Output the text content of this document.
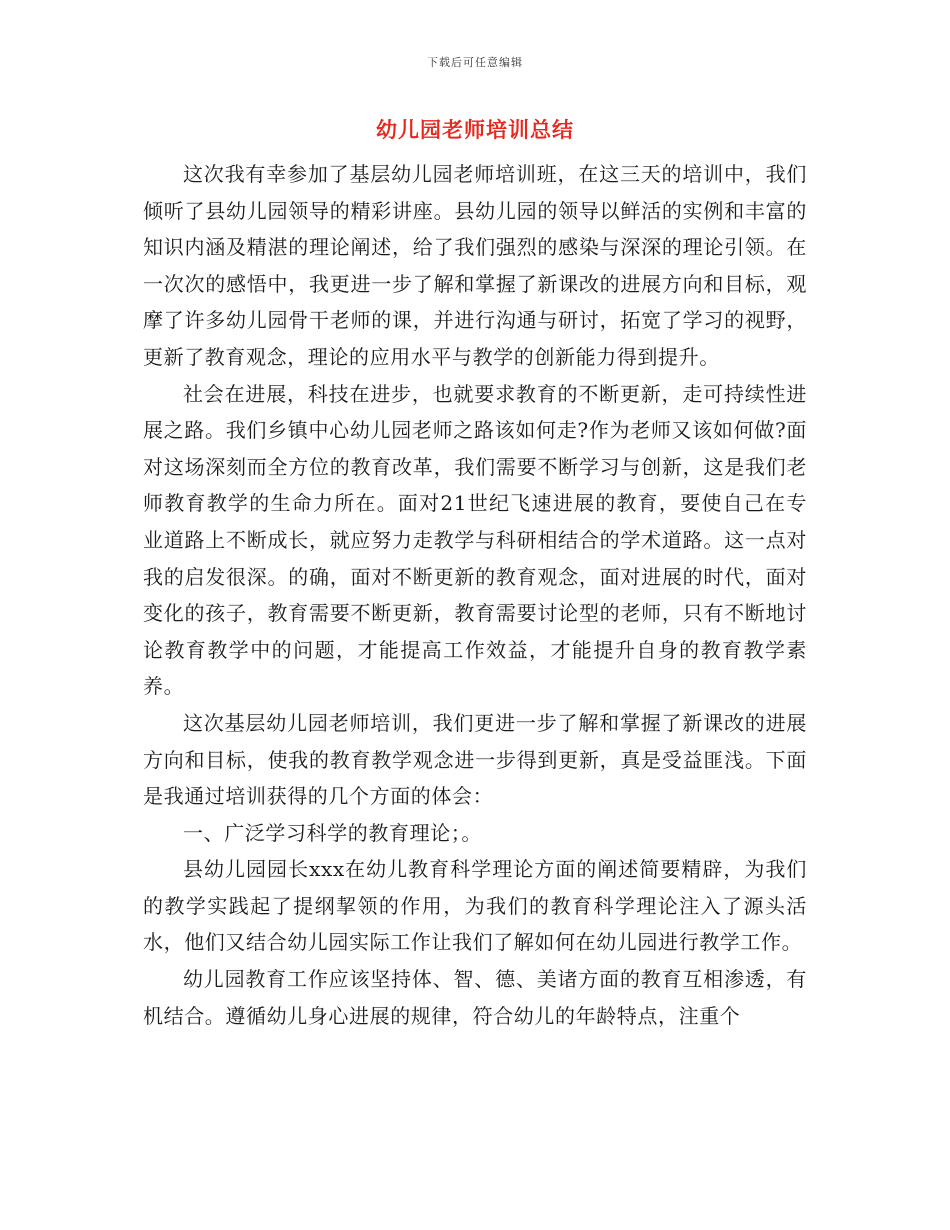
下载后可任意编辑
幼儿园老师培训总结

这次我有幸参加了基层幼儿园老师培训班，在这三天的培训中，我们倾听了县幼儿园领导的精彩讲座。县幼儿园的领导以鲜活的实例和丰富的知识内涵及精湛的理论阐述，给了我们强烈的感染与深深的理论引领。在一次次的感悟中，我更进一步了解和掌握了新课改的进展方向和目标，观摩了许多幼儿园骨干老师的课，并进行沟通与研讨，拓宽了学习的视野，更新了教育观念，理论的应用水平与教学的创新能力得到提升。

社会在进展，科技在进步，也就要求教育的不断更新，走可持续性进展之路。我们乡镇中心幼儿园老师之路该如何走?作为老师又该如何做?面对这场深刻而全方位的教育改革，我们需要不断学习与创新，这是我们老师教育教学的生命力所在。面对21世纪飞速进展的教育，要使自己在专业道路上不断成长，就应努力走教学与科研相结合的学术道路。这一点对我的启发很深。的确，面对不断更新的教育观念，面对进展的时代，面对变化的孩子，教育需要不断更新，教育需要讨论型的老师，只有不断地讨论教育教学中的问题，才能提高工作效益，才能提升自身的教育教学素养。

这次基层幼儿园老师培训，我们更进一步了解和掌握了新课改的进展方向和目标，使我的教育教学观念进一步得到更新，真是受益匪浅。下面是我通过培训获得的几个方面的体会：

一、广泛学习科学的教育理论；。

县幼儿园园长xxx在幼儿教育科学理论方面的阐述简要精辟，为我们的教学实践起了提纲挈领的作用，为我们的教育科学理论注入了源头活水，他们又结合幼儿园实际工作让我们了解如何在幼儿园进行教学工作。

幼儿园教育工作应该坚持体、智、德、美诸方面的教育互相渗透，有机结合。遵循幼儿身心进展的规律，符合幼儿的年龄特点，注重个
